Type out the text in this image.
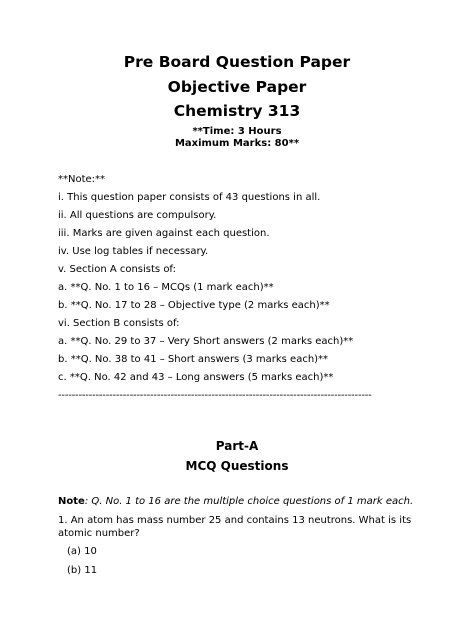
Pre Board Question Paper
Objective Paper
Chemistry 313
**Time: 3 Hours
Maximum Marks: 80**
**Note:**
i. This question paper consists of 43 questions in all.
ii. All questions are compulsory.
iii. Marks are given against each question.
iv. Use log tables if necessary.
v. Section A consists of:
a. **Q. No. 1 to 16 – MCQs (1 mark each)**
b. **Q. No. 17 to 28 – Objective type (2 marks each)**
vi. Section B consists of:
a. **Q. No. 29 to 37 – Very Short answers (2 marks each)**
b. **Q. No. 38 to 41 – Short answers (3 marks each)**
c. **Q. No. 42 and 43 – Long answers (5 marks each)**
--------------------------------------------------------------------------------------------
Part-A
MCQ Questions
Note: Q. No. 1 to 16 are the multiple choice questions of 1 mark each.
1. An atom has mass number 25 and contains 13 neutrons. What is its atomic number?
(a) 10
(b) 11
